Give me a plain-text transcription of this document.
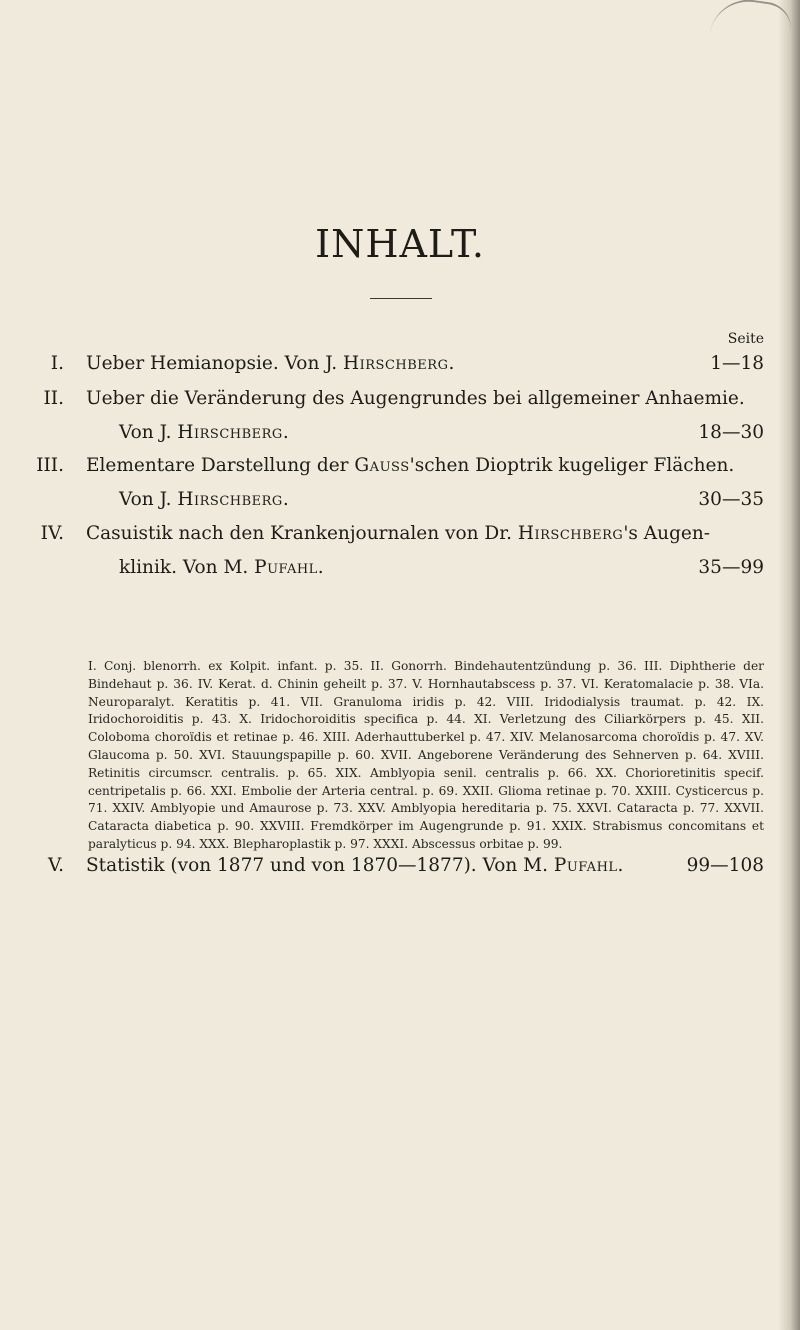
INHALT.
Seite
I. Ueber Hemianopsie. Von J. Hirschberg.	1—18
II. Ueber die Veränderung des Augengrundes bei allgemeiner Anhaemie.
Von J. Hirschberg.	18—30
III. Elementare Darstellung der Gauss'schen Dioptrik kugeliger Flächen.
Von J. Hirschberg.	30—35
IV. Casuistik nach den Krankenjournalen von Dr. Hirschberg's Augen-
klinik. Von M. Pufahl.	35—99
I. Conj. blenorrh. ex Kolpit. infant. p. 35. II. Gonorrh. Bindehautentzündung p. 36. III. Diphtherie der Bindehaut p. 36. IV. Kerat. d. Chinin geheilt p. 37. V. Hornhautabscess p. 37. VI. Keratomalacie p. 38. VIa. Neuroparalyt. Keratitis p. 41. VII. Granuloma iridis p. 42. VIII. Iridodialysis traumat. p. 42. IX. Iridochoroiditis p. 43. X. Iridochoroiditis specifica p. 44. XI. Verletzung des Ciliarkörpers p. 45. XII. Coloboma choroïdis et retinae p. 46. XIII. Aderhauttuberkel p. 47. XIV. Melanosarcoma choroïdis p. 47. XV. Glaucoma p. 50. XVI. Stauungspapille p. 60. XVII. Angeborene Veränderung des Sehnerven p. 64. XVIII. Retinitis circumscr. centralis. p. 65. XIX. Amblyopia senil. centralis p. 66. XX. Chorioretinitis specif. centripetalis p. 66. XXI. Embolie der Arteria central. p. 69. XXII. Glioma retinae p. 70. XXIII. Cysticercus p. 71. XXIV. Amblyopie und Amaurose p. 73. XXV. Amblyopia hereditaria p. 75. XXVI. Cataracta p. 77. XXVII. Cataracta diabetica p. 90. XXVIII. Fremdkörper im Augengrunde p. 91. XXIX. Strabismus concomitans et paralyticus p. 94. XXX. Blepharoplastik p. 97. XXXI. Abscessus orbitae p. 99.
V. Statistik (von 1877 und von 1870—1877). Von M. Pufahl.	99—108
